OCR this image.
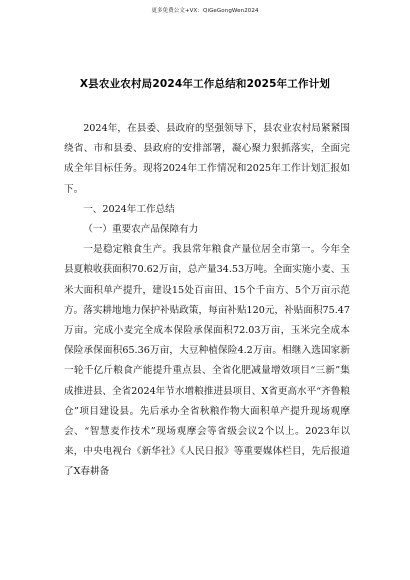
更多免费公文+VX：QiGeGongWen2024
X县农业农村局2024年工作总结和2025年工作计划

2024年，在县委、县政府的坚强领导下，县农业农村局紧紧围绕省、市和县委、县政府的安排部署，凝心聚力狠抓落实，全面完成全年目标任务。现将2024年工作情况和2025年工作计划汇报如下。

一、2024年工作总结

（一）重要农产品保障有力

一是稳定粮食生产。我县常年粮食产量位居全市第一。今年全县夏粮收获面积70.62万亩，总产量34.53万吨。全面实施小麦、玉米大面积单产提升，建设15处百亩田、15个千亩方、5个万亩示范方。落实耕地地力保护补贴政策，每亩补贴120元，补贴面积75.47万亩。完成小麦完全成本保险承保面积72.03万亩，玉米完全成本保险承保面积65.36万亩，大豆种植保险4.2万亩。相继入选国家新一轮千亿斤粮食产能提升重点县、全省化肥减量增效项目“三新”集成推进县、全省2024年节水增粮推进县项目、X省更高水平“齐鲁粮仓”项目建设县。先后承办全省秋粮作物大面积单产提升现场观摩会、“智慧麦作技术”现场观摩会等省级会议2个以上。2023年以来，中央电视台《新华社》《人民日报》等重要媒体栏目，先后报道了X春耕备
